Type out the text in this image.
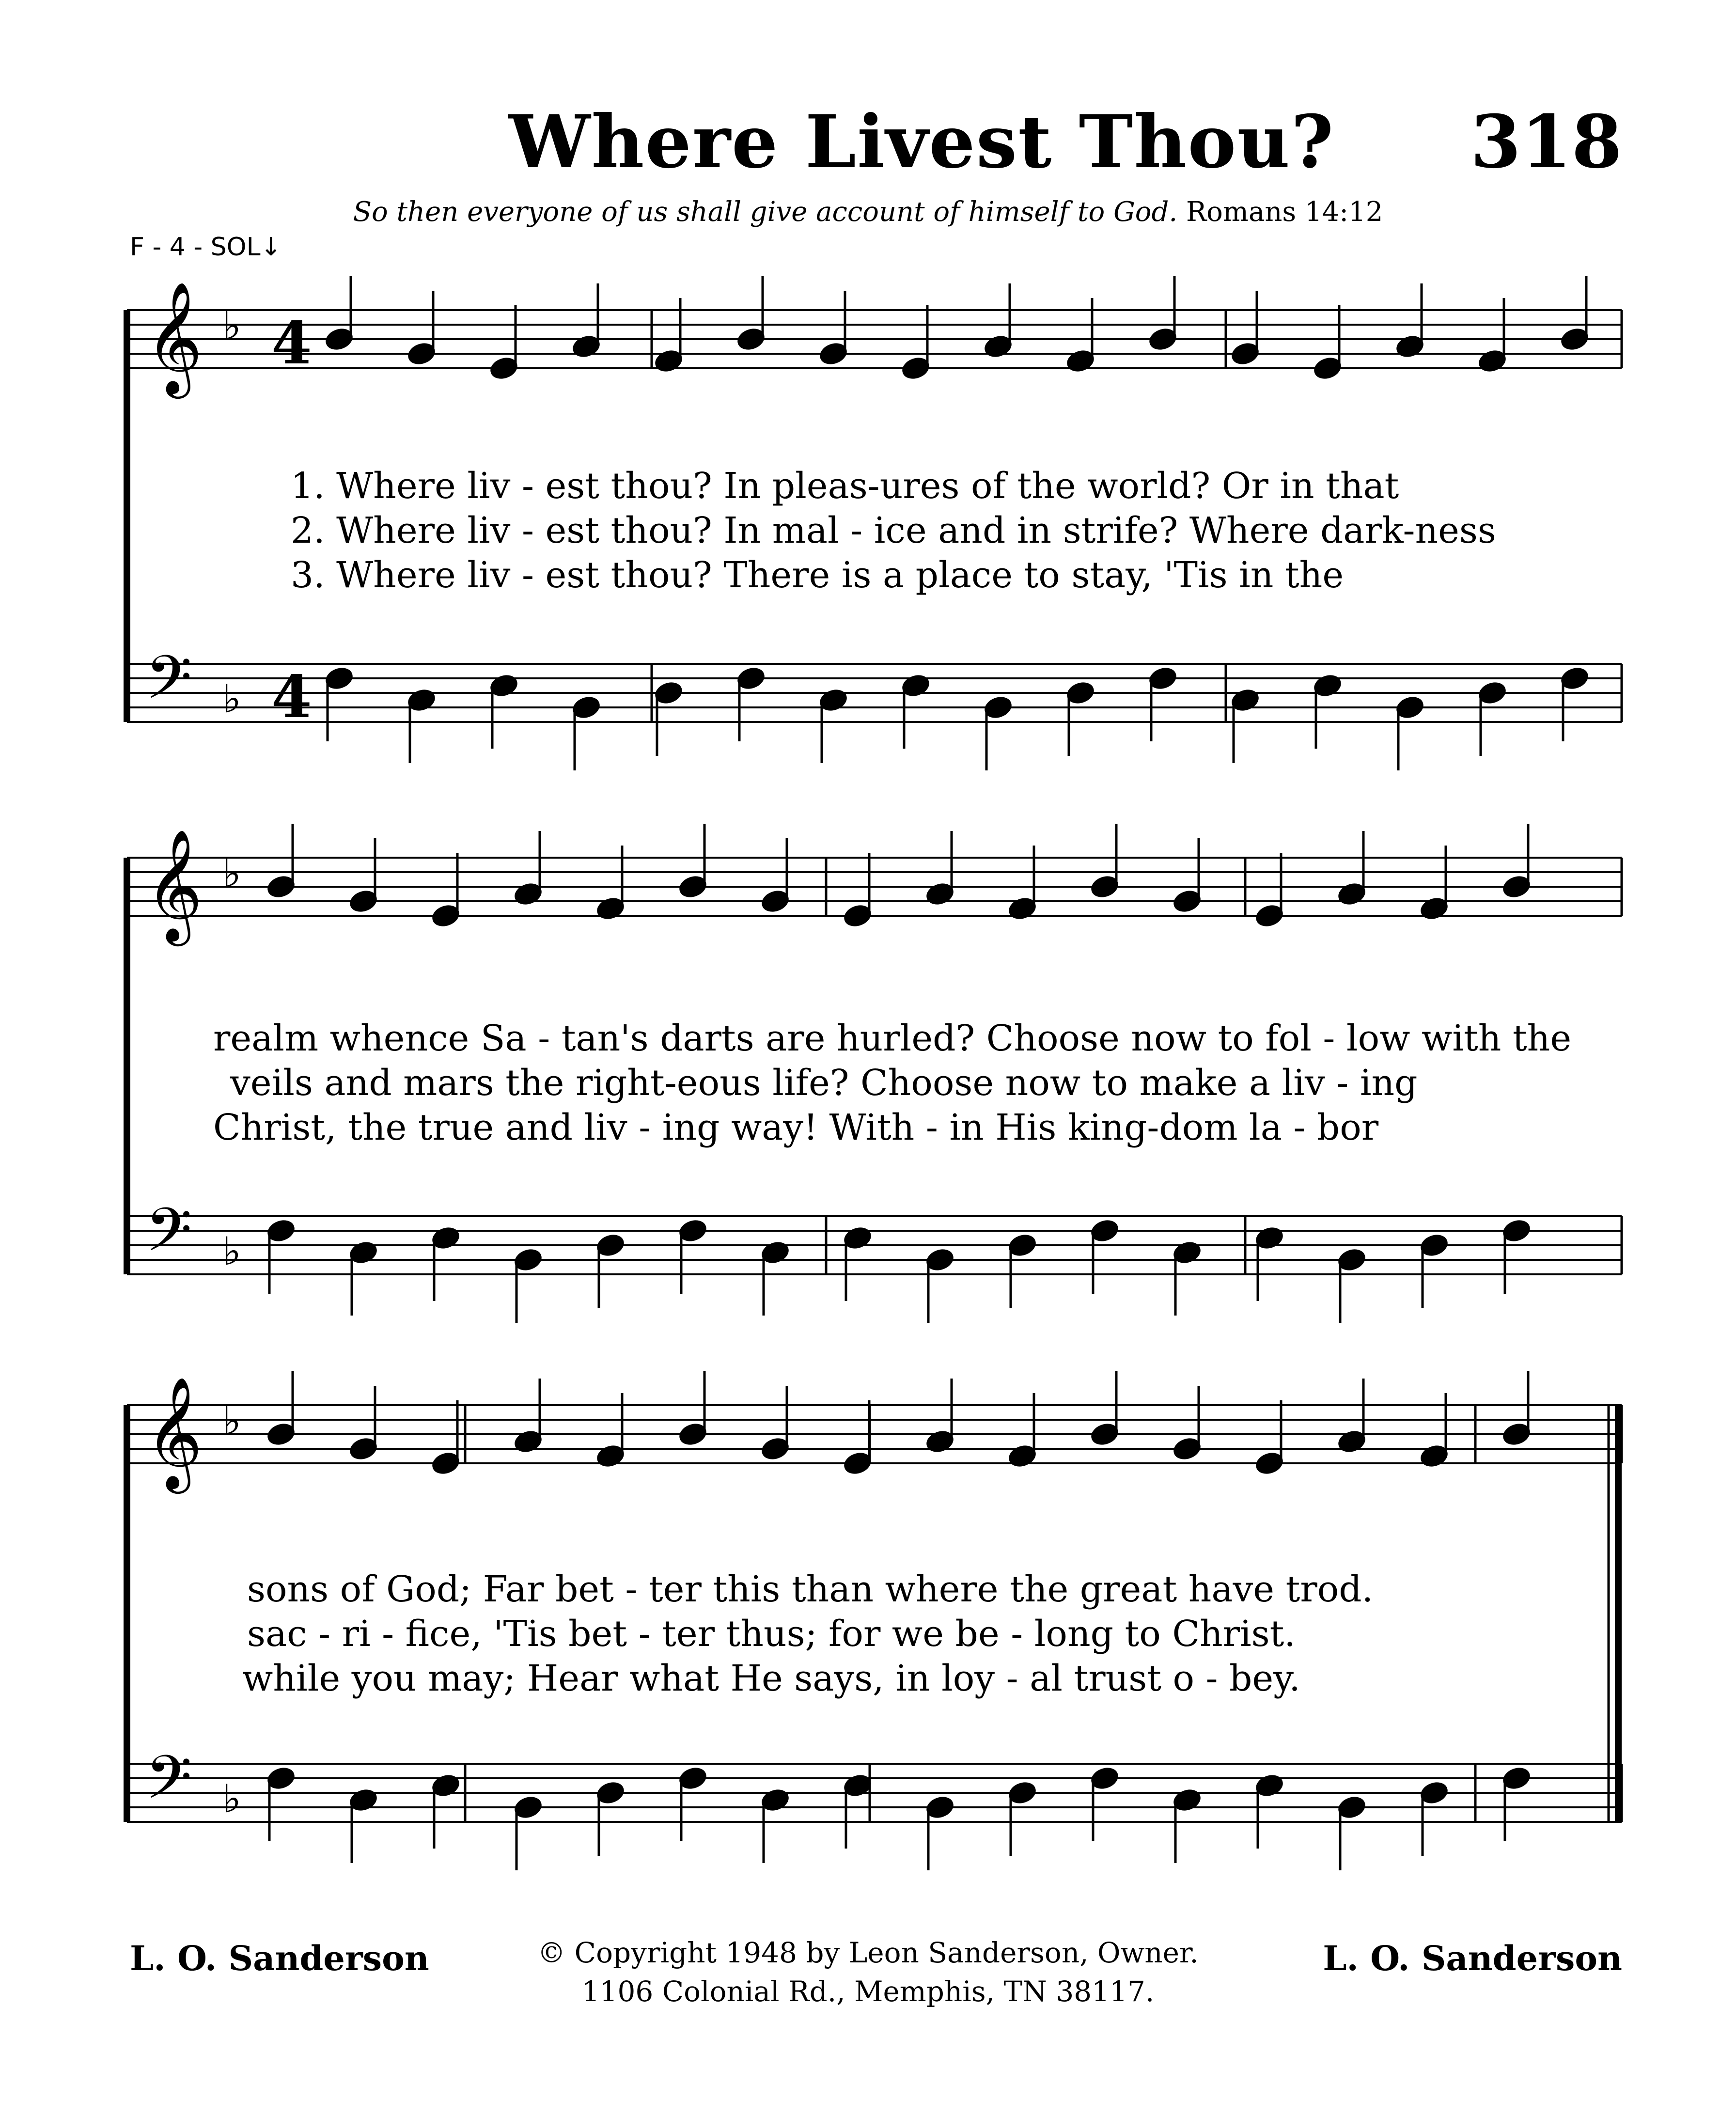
Where Livest Thou? 318
So then everyone of us shall give account of himself to God. Romans 14:12
F - 4 - SOL↓
𝄞
𝄢
♭
♭
𝄞
𝄢
♭
♭
𝄞
𝄢
♭
♭
4
4
1. Where liv - est thou? In pleas-ures of the world? Or in that
2. Where liv - est thou? In mal - ice and in strife? Where dark-ness
3. Where liv - est thou? There is a place to stay, 'Tis in the
realm whence Sa - tan's darts are hurled? Choose now to fol - low with the
veils and mars the right-eous life? Choose now to make a liv - ing
Christ, the true and liv - ing way! With - in His king-dom la - bor
sons of God; Far bet - ter this than where the great have trod.
sac - ri - fice, 'Tis bet - ter thus; for we be - long to Christ.
while you may; Hear what He says, in loy - al trust o - bey.
L. O. Sanderson	L. O. Sanderson
© Copyright 1948 by Leon Sanderson, Owner.
1106 Colonial Rd., Memphis, TN 38117.
